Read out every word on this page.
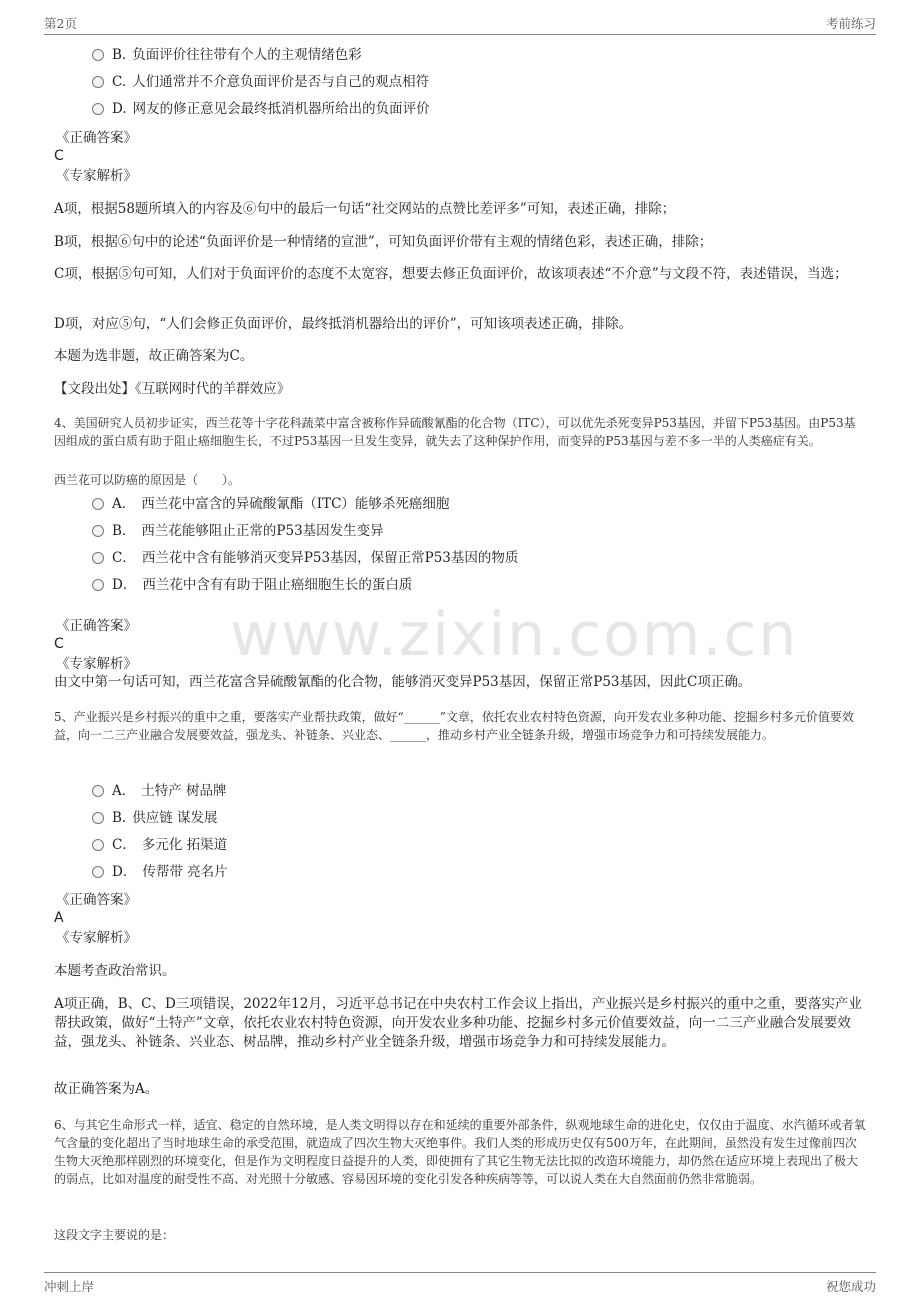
第2页	考前练习
www.zixin.com.cn
B. 负面评价往往带有个人的主观情绪色彩
C. 人们通常并不介意负面评价是否与自己的观点相符
D. 网友的修正意见会最终抵消机器所给出的负面评价
《正确答案》
C
《专家解析》
A项，根据58题所填入的内容及⑥句中的最后一句话“社交网站的点赞比差评多”可知，表述正确，排除；
B项，根据⑥句中的论述“负面评价是一种情绪的宣泄”，可知负面评价带有主观的情绪色彩，表述正确，排除；
C项，根据⑤句可知，人们对于负面评价的态度不太宽容，想要去修正负面评价，故该项表述“不介意”与文段不符，表述错误，当选；
D项，对应⑤句，“人们会修正负面评价，最终抵消机器给出的评价”，可知该项表述正确，排除。
本题为选非题，故正确答案为C。
【文段出处】《互联网时代的羊群效应》
4、美国研究人员初步证实，西兰花等十字花科蔬菜中富含被称作异硫酸氰酯的化合物（ITC），可以优先杀死变异P53基因，并留下P53基因。由P53基因组成的蛋白质有助于阻止癌细胞生长，不过P53基因一旦发生变异，就失去了这种保护作用，而变异的P53基因与差不多一半的人类癌症有关。
西兰花可以防癌的原因是（　　）。
A． 西兰花中富含的异硫酸氰酯（ITC）能够杀死癌细胞
B． 西兰花能够阻止正常的P53基因发生变异
C． 西兰花中含有能够消灭变异P53基因，保留正常P53基因的物质
D． 西兰花中含有有助于阻止癌细胞生长的蛋白质
《正确答案》
C
《专家解析》
由文中第一句话可知，西兰花富含异硫酸氰酯的化合物，能够消灭变异P53基因，保留正常P53基因，因此C项正确。
5、产业振兴是乡村振兴的重中之重，要落实产业帮扶政策，做好“______”文章，依托农业农村特色资源，向开发农业多种功能、挖掘乡村多元价值要效益，向一二三产业融合发展要效益，强龙头、补链条、兴业态、______，推动乡村产业全链条升级，增强市场竞争力和可持续发展能力。
A． 土特产 树品牌
B. 供应链 谋发展
C． 多元化 拓渠道
D． 传帮带 亮名片
《正确答案》
A
《专家解析》
本题考查政治常识。
A项正确，B、C、D三项错误，2022年12月，习近平总书记在中央农村工作会议上指出，产业振兴是乡村振兴的重中之重，要落实产业帮扶政策，做好“土特产”文章，依托农业农村特色资源，向开发农业多种功能、挖掘乡村多元价值要效益，向一二三产业融合发展要效益，强龙头、补链条、兴业态、树品牌，推动乡村产业全链条升级，增强市场竞争力和可持续发展能力。
故正确答案为A。
6、与其它生命形式一样，适宜、稳定的自然环境，是人类文明得以存在和延续的重要外部条件，纵观地球生命的进化史，仅仅由于温度、水汽循环或者氧气含量的变化超出了当时地球生命的承受范围，就造成了四次生物大灭绝事件。我们人类的形成历史仅有500万年，在此期间，虽然没有发生过像前四次生物大灭绝那样剧烈的环境变化，但是作为文明程度日益提升的人类，即使拥有了其它生物无法比拟的改造环境能力，却仍然在适应环境上表现出了极大的弱点，比如对温度的耐受性不高、对光照十分敏感、容易因环境的变化引发各种疾病等等，可以说人类在大自然面前仍然非常脆弱。
这段文字主要说的是：
冲刺上岸	祝您成功
